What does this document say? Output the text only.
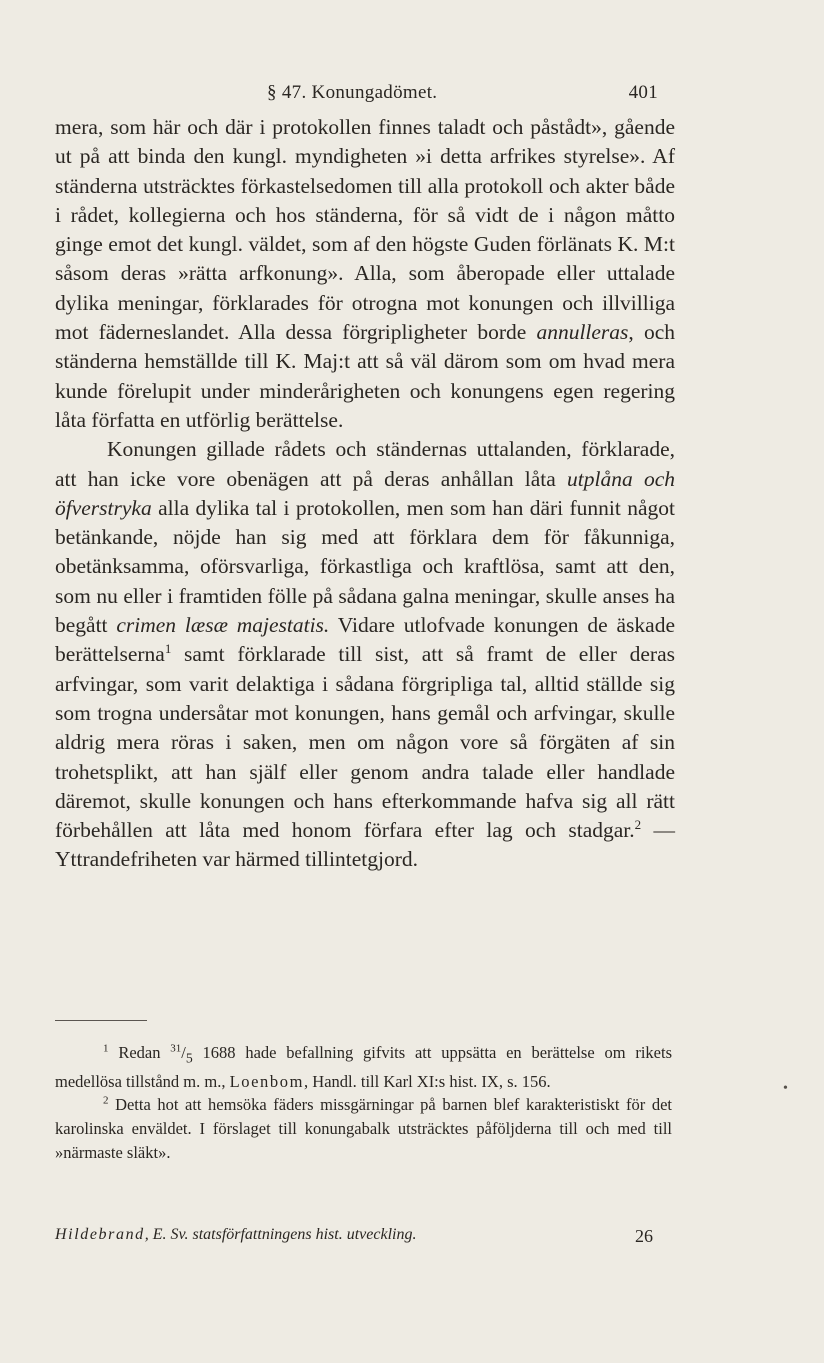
§ 47. Konungadömet.	401

mera, som här och där i protokollen finnes taladt och påstådt», gående ut på att binda den kungl. myndigheten »i detta arfrikes styrelse». Af ständerna utsträcktes förkastelsedomen till alla protokoll och akter både i rådet, kollegierna och hos ständerna, för så vidt de i någon måtto ginge emot det kungl. väldet, som af den högste Guden förlänats K. M:t såsom deras »rätta arfkonung». Alla, som åberopade eller uttalade dylika meningar, förklarades för otrogna mot konungen och illvilliga mot fäderneslandet. Alla dessa förgripligheter borde annulleras, och ständerna hemställde till K. Maj:t att så väl därom som om hvad mera kunde förelupit under minderårigheten och konungens egen regering låta författa en utförlig berättelse.

Konungen gillade rådets och ständernas uttalanden, förklarade, att han icke vore obenägen att på deras anhållan låta utplåna och öfverstryka alla dylika tal i protokollen, men som han däri funnit något betänkande, nöjde han sig med att förklara dem för fåkunniga, obetänksamma, oförsvarliga, förkastliga och kraftlösa, samt att den, som nu eller i framtiden fölle på sådana galna meningar, skulle anses ha begått crimen læsæ majestatis. Vidare utlofvade konungen de äskade berättelserna$^1$ samt förklarade till sist, att så framt de eller deras arfvingar, som varit delaktiga i sådana förgripliga tal, alltid ställde sig som trogna undersåtar mot konungen, hans gemål och arfvingar, skulle aldrig mera röras i saken, men om någon vore så förgäten af sin trohetsplikt, att han själf eller genom andra talade eller handlade däremot, skulle konungen och hans efterkommande hafva sig all rätt förbehållen att låta med honom förfara efter lag och stadgar.$^2$ — Yttrandefriheten var härmed tillintetgjord.

$^1$ Redan $^{31}/_5$ 1688 hade befallning gifvits att uppsätta en berättelse om rikets medellösa tillstånd m. m., Loenbom, Handl. till Karl XI:s hist. IX, s. 156.

$^2$ Detta hot att hemsöka fäders missgärningar på barnen blef karakteristiskt för det karolinska enväldet. I förslaget till konungabalk utsträcktes påföljderna till och med till »närmaste släkt».

Hildebrand, E. Sv. statsförfattningens hist. utveckling.	26
•
